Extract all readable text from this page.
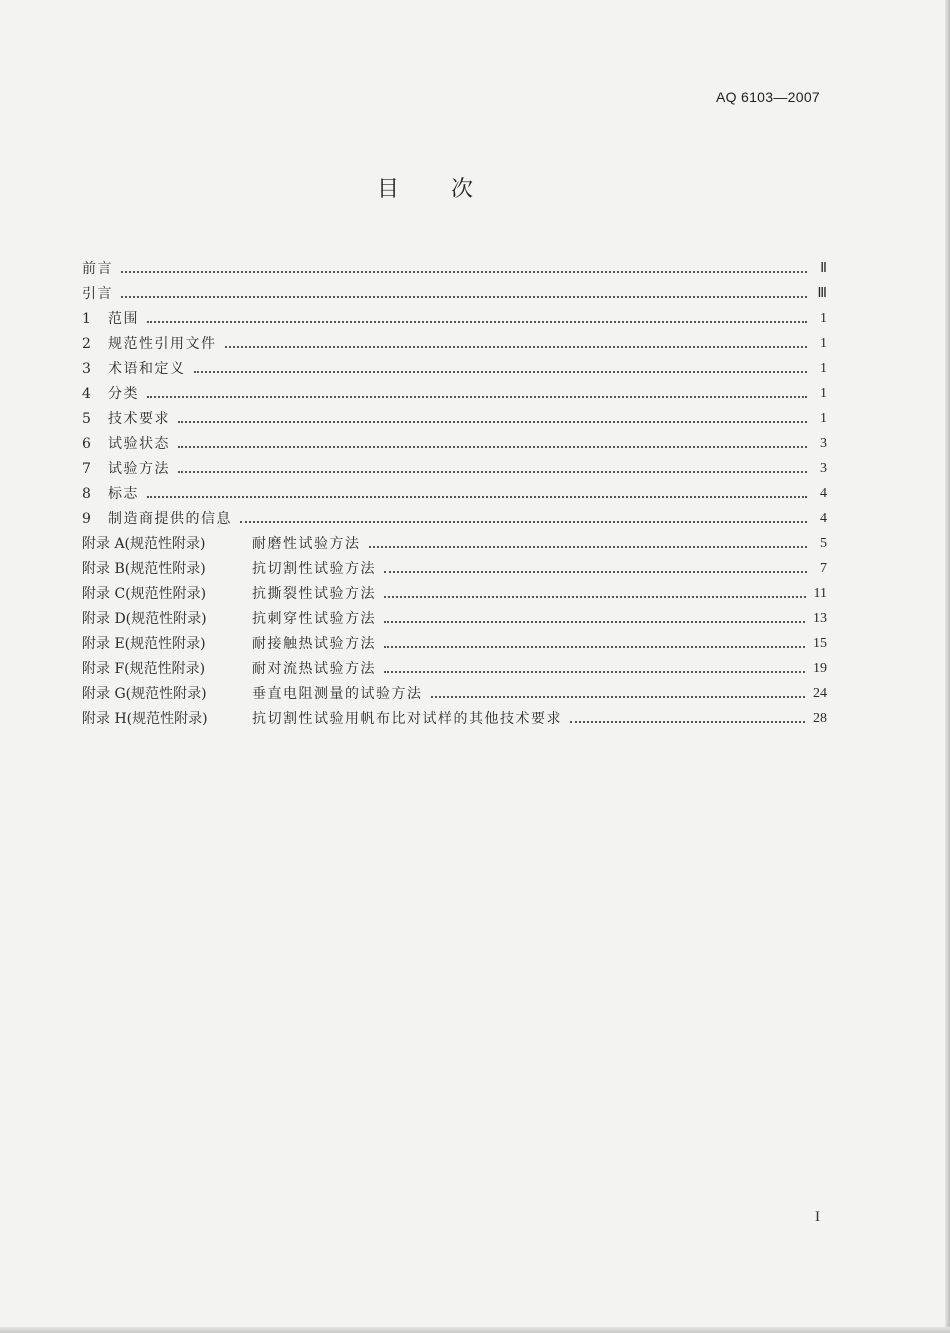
AQ 6103—2007
目次
前言	Ⅱ
引言	Ⅲ
1	范围	1
2	规范性引用文件	1
3	术语和定义	1
4	分类	1
5	技术要求	1
6	试验状态	3
7	试验方法	3
8	标志	4
9	制造商提供的信息	4
附录 A(规范性附录)	耐磨性试验方法	5
附录 B(规范性附录)	抗切割性试验方法	7
附录 C(规范性附录)	抗撕裂性试验方法	11
附录 D(规范性附录)	抗刺穿性试验方法	13
附录 E(规范性附录)	耐接触热试验方法	15
附录 F(规范性附录)	耐对流热试验方法	19
附录 G(规范性附录)	垂直电阻测量的试验方法	24
附录 H(规范性附录)	抗切割性试验用帆布比对试样的其他技术要求	28
I
